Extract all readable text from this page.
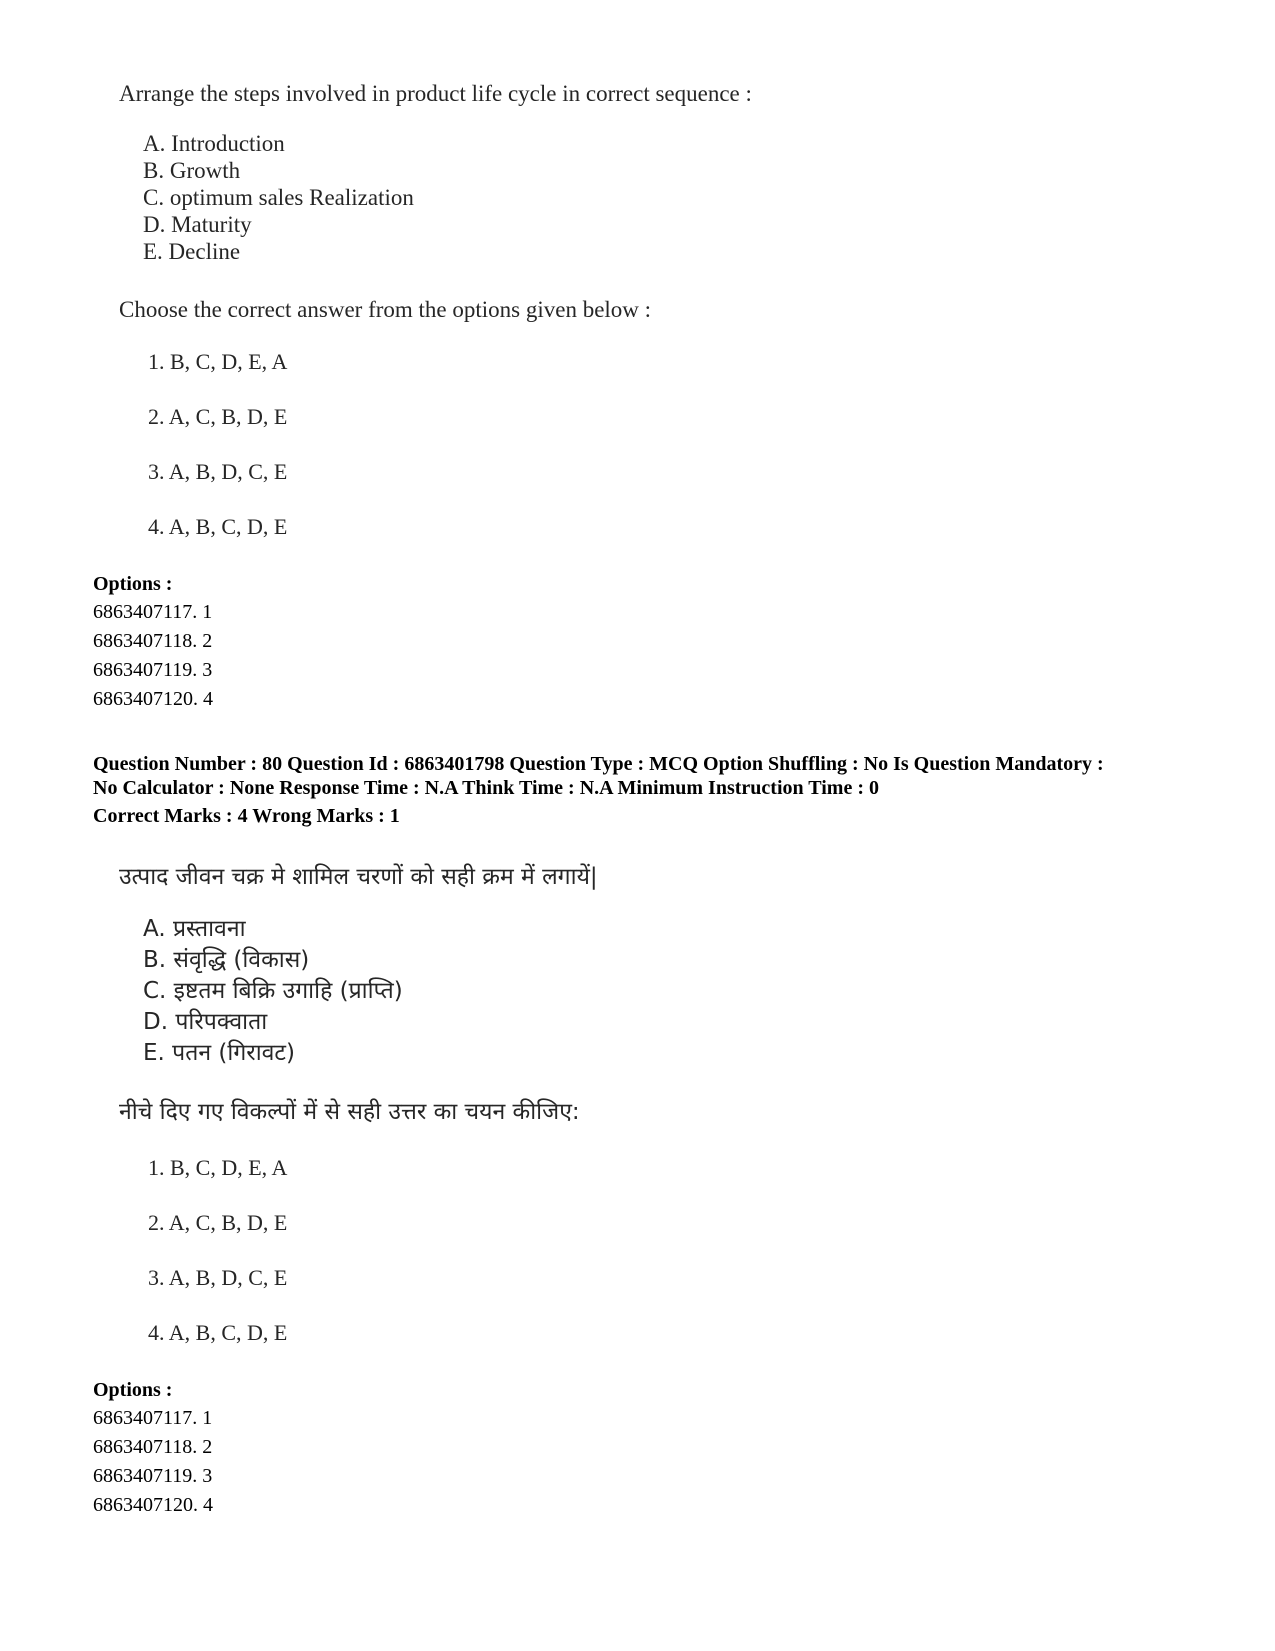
Arrange the steps involved in product life cycle in correct sequence :
A. Introduction
B. Growth
C. optimum sales Realization
D. Maturity
E. Decline
Choose the correct answer from the options given below :
1. B, C, D, E, A
2. A, C, B, D, E
3. A, B, D, C, E
4. A, B, C, D, E
Options :
6863407117. 1
6863407118. 2
6863407119. 3
6863407120. 4
Question Number : 80 Question Id : 6863401798 Question Type : MCQ Option Shuffling : No Is Question Mandatory :
No Calculator : None Response Time : N.A Think Time : N.A Minimum Instruction Time : 0
Correct Marks : 4 Wrong Marks : 1
उत्पाद जीवन चक्र मे शामिल चरणों को सही क्रम में लगायें|
A. प्रस्तावना
B. संवृद्धि (विकास)
C. इष्टतम बिक्रि उगाहि (प्राप्ति)
D. परिपक्वाता
E. पतन (गिरावट)
नीचे दिए गए विकल्पों में से सही उत्तर का चयन कीजिए:
1. B, C, D, E, A
2. A, C, B, D, E
3. A, B, D, C, E
4. A, B, C, D, E
Options :
6863407117. 1
6863407118. 2
6863407119. 3
6863407120. 4
